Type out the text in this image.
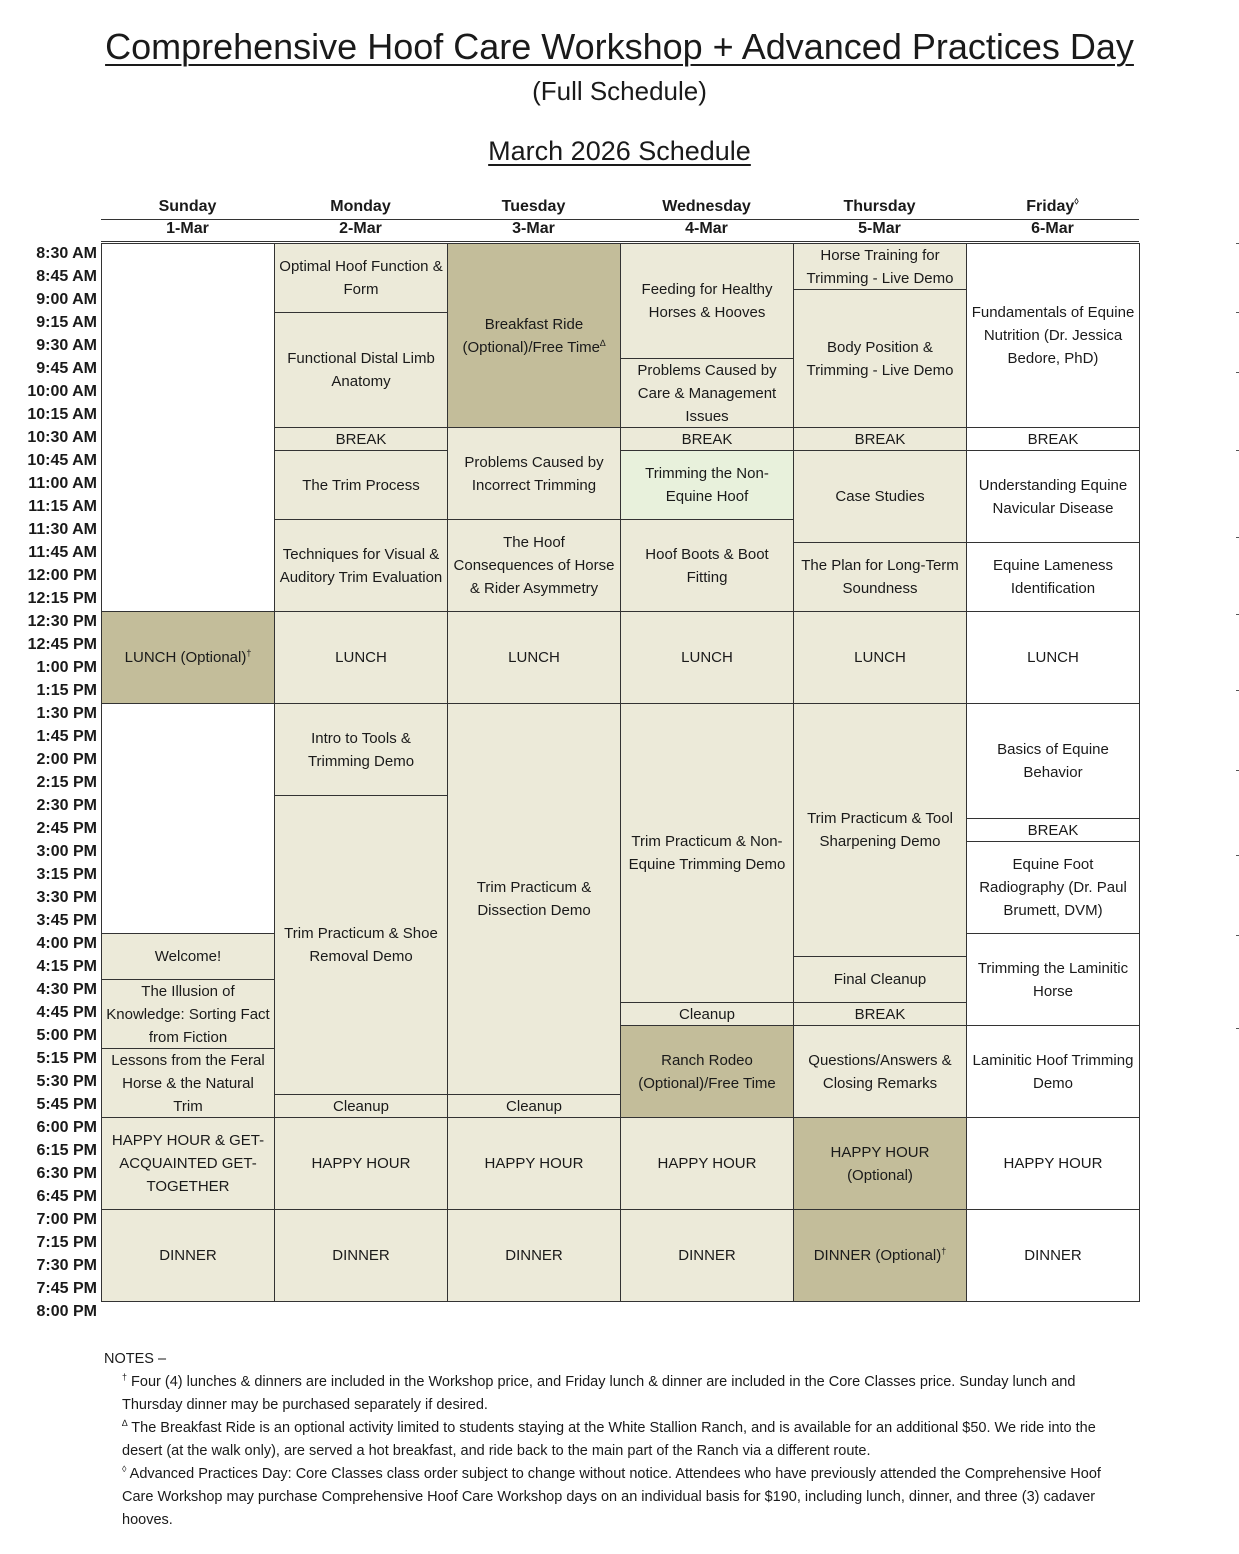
Comprehensive Hoof Care Workshop + Advanced Practices Day
(Full Schedule)
March 2026 Schedule
Sunday
1-Mar
Monday
2-Mar
Tuesday
3-Mar
Wednesday
4-Mar
Thursday
5-Mar
Friday◊
6-Mar
8:30 AM
8:45 AM
9:00 AM
9:15 AM
9:30 AM
9:45 AM
10:00 AM
10:15 AM
10:30 AM
10:45 AM
11:00 AM
11:15 AM
11:30 AM
11:45 AM
12:00 PM
12:15 PM
12:30 PM
12:45 PM
1:00 PM
1:15 PM
1:30 PM
1:45 PM
2:00 PM
2:15 PM
2:30 PM
2:45 PM
3:00 PM
3:15 PM
3:30 PM
3:45 PM
4:00 PM
4:15 PM
4:30 PM
4:45 PM
5:00 PM
5:15 PM
5:30 PM
5:45 PM
6:00 PM
6:15 PM
6:30 PM
6:45 PM
7:00 PM
7:15 PM
7:30 PM
7:45 PM
8:00 PM
LUNCH (Optional)†
Welcome!
The Illusion of Knowledge: Sorting Fact from Fiction
Lessons from the Feral Horse & the Natural Trim
HAPPY HOUR & GET-ACQUAINTED GET-TOGETHER
DINNER
Optimal Hoof Function & Form
Functional Distal Limb Anatomy
BREAK
The Trim Process
Techniques for Visual & Auditory Trim Evaluation
LUNCH
Intro to Tools & Trimming Demo
Trim Practicum & Shoe Removal Demo
Cleanup
HAPPY HOUR
DINNER
Breakfast Ride (Optional)/Free Time∆
Problems Caused by Incorrect Trimming
The Hoof Consequences of Horse & Rider Asymmetry
LUNCH
Trim Practicum & Dissection Demo
Cleanup
HAPPY HOUR
DINNER
Feeding for Healthy Horses & Hooves
Problems Caused by Care & Management Issues
BREAK
Trimming the Non-Equine Hoof
Hoof Boots & Boot Fitting
LUNCH
Trim Practicum & Non-Equine Trimming Demo
Cleanup
Ranch Rodeo (Optional)/Free Time
HAPPY HOUR
DINNER
Horse Training for Trimming - Live Demo
Body Position & Trimming - Live Demo
BREAK
Case Studies
The Plan for Long-Term Soundness
LUNCH
Trim Practicum & Tool Sharpening Demo
Final Cleanup
BREAK
Questions/Answers & Closing Remarks
HAPPY HOUR (Optional)
DINNER (Optional)†
Fundamentals of Equine Nutrition (Dr. Jessica Bedore, PhD)
BREAK
Understanding Equine Navicular Disease
Equine Lameness Identification
LUNCH
Basics of Equine Behavior
BREAK
Equine Foot Radiography (Dr. Paul Brumett, DVM)
Trimming the Laminitic Horse
Laminitic Hoof Trimming Demo
HAPPY HOUR
DINNER
NOTES –
† Four (4) lunches & dinners are included in the Workshop price, and Friday lunch & dinner are included in the Core Classes price. Sunday lunch and Thursday dinner may be purchased separately if desired.
∆ The Breakfast Ride is an optional activity limited to students staying at the White Stallion Ranch, and is available for an additional $50. We ride into the desert (at the walk only), are served a hot breakfast, and ride back to the main part of the Ranch via a different route.
◊ Advanced Practices Day: Core Classes class order subject to change without notice. Attendees who have previously attended the Comprehensive Hoof Care Workshop may purchase Comprehensive Hoof Care Workshop days on an individual basis for $190, including lunch, dinner, and three (3) cadaver hooves.
